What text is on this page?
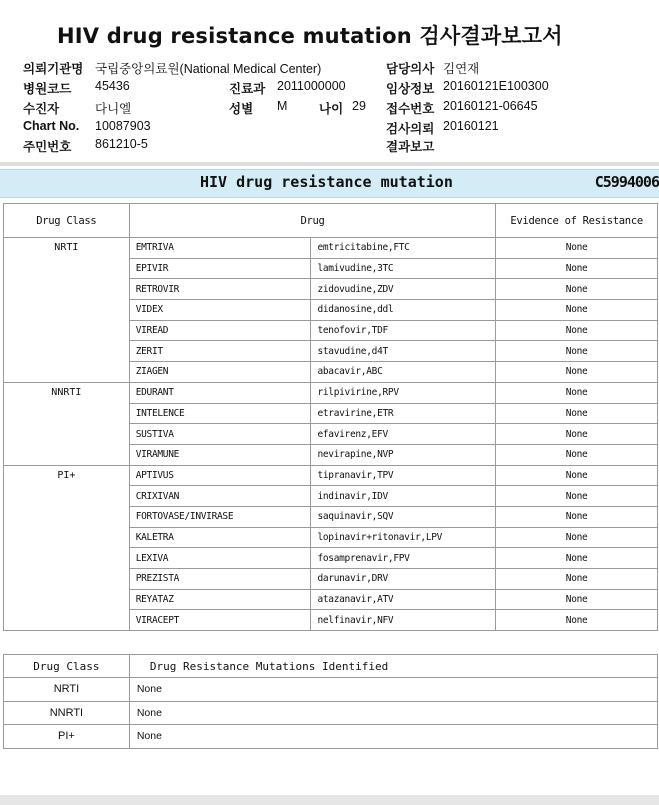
HIV drug resistance mutation 검사결과보고서
의뢰기관명 국립중앙의료원(National Medical Center)
병원코드 45436
수진자	다니엘
Chart No. 10087903
주민번호 861210-5
진료과 2011000000
성별 M	나이 29
담당의사 김연재
임상정보 20160121E100300
접수번호 20160121-06645
검사의뢰 20160121
결과보고
HIV drug resistance mutation	C5994006
Drug Class	Drug		Evidence of Resistance
NRTI	EMTRIVA	emtricitabine,FTC	None
	EPIVIR	lamivudine,3TC	None
	RETROVIR	zidovudine,ZDV	None
	VIDEX	didanosine,ddl	None
	VIREAD	tenofovir,TDF	None
	ZERIT	stavudine,d4T	None
	ZIAGEN	abacavir,ABC	None
NNRTI	EDURANT	rilpivirine,RPV	None
	INTELENCE	etravirine,ETR	None
	SUSTIVA	efavirenz,EFV	None
	VIRAMUNE	nevirapine,NVP	None
PI+	APTIVUS	tipranavir,TPV	None
	CRIXIVAN	indinavir,IDV	None
	FORTOVASE/INVIRASE	saquinavir,SQV	None
	KALETRA	lopinavir+ritonavir,LPV	None
	LEXIVA	fosamprenavir,FPV	None
	PREZISTA	darunavir,DRV	None
	REYATAZ	atazanavir,ATV	None
	VIRACEPT	nelfinavir,NFV	None
Drug Class	Drug Resistance Mutations Identified
NRTI	None
NNRTI	None
PI+	None
